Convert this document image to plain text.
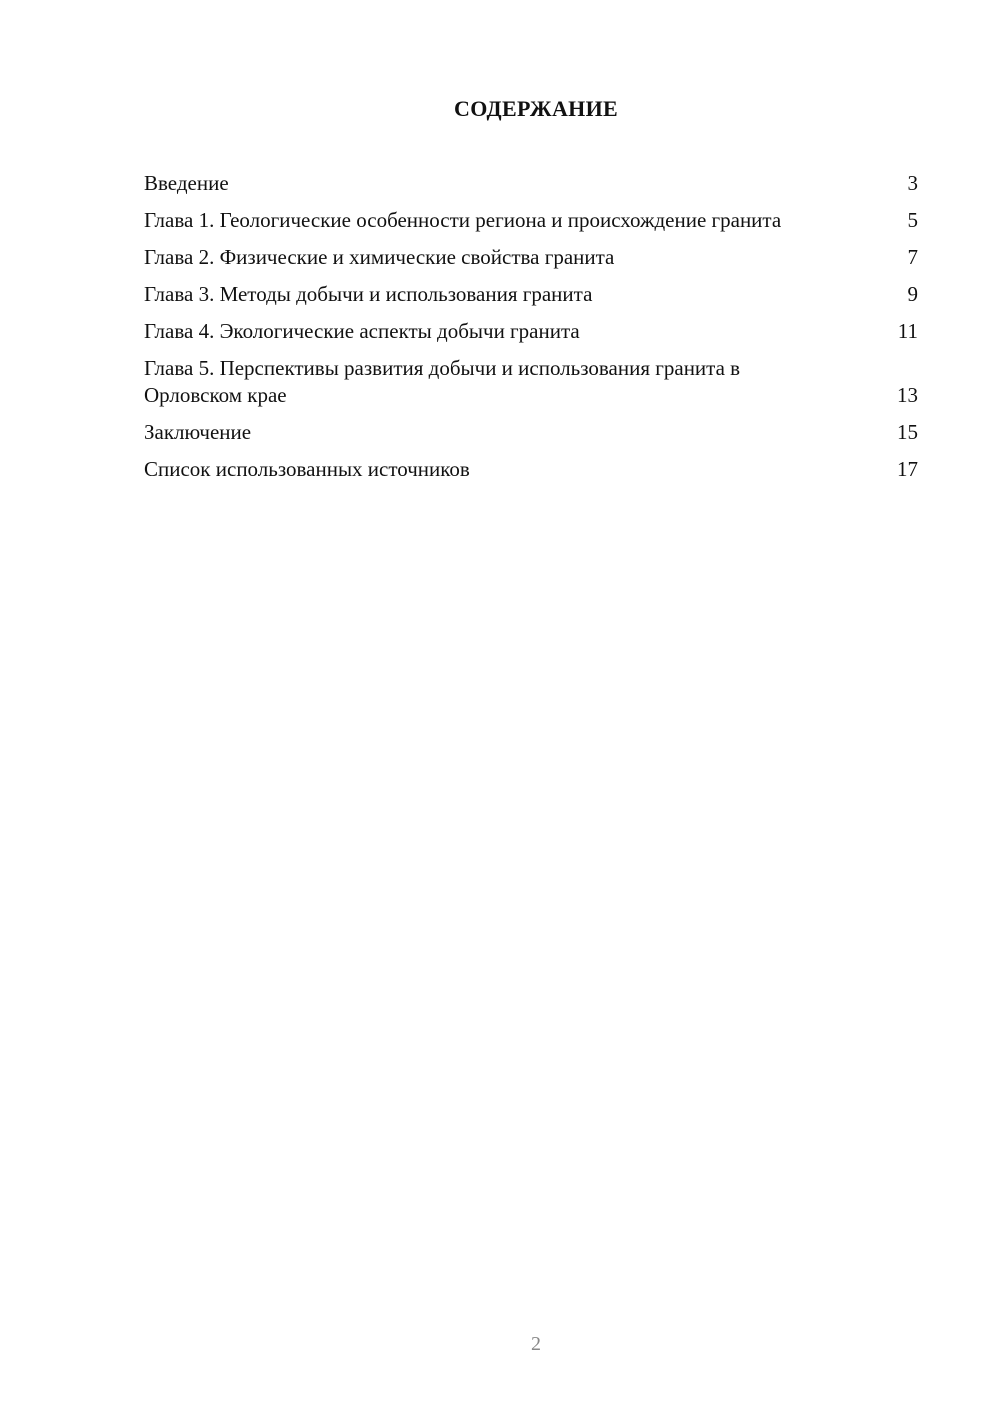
СОДЕРЖАНИЕ
Введение	3
Глава 1. Геологические особенности региона и происхождение гранита	5
Глава 2. Физические и химические свойства гранита	7
Глава 3. Методы добычи и использования гранита	9
Глава 4. Экологические аспекты добычи гранита	11
Глава 5. Перспективы развития добычи и использования гранита в Орловском крае	13
Заключение	15
Список использованных источников	17
2
